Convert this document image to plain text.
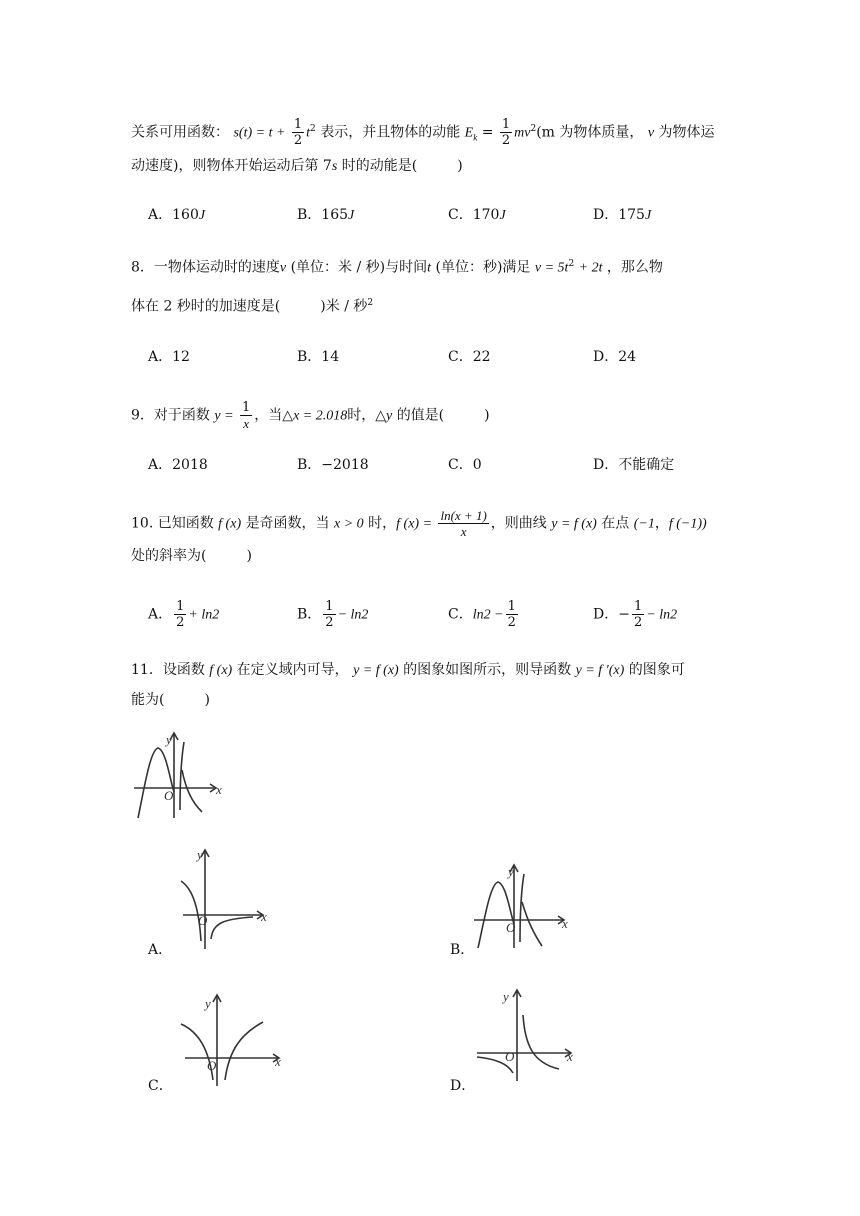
关系可用函数： $s(t) = t + \frac{1}{2} t^2$ 表示，并且物体的动能 $E_k = \frac{1}{2} mv^2(m$ 为物体质量， v 为物体运
动速度)，则物体开始运动后第 7s 时的动能是(	)
A．160J	B．165J	C．170J	D．175J
8．一物体运动时的速度v (单位：米 / 秒)与时间t (单位：秒)满足 $v = 5t^2 + 2t$ ，那么物
体在 2 秒时的加速度是(	)米 / 秒$^2$
A．12	B．14	C．22	D．24
9．对于函数 $y = \frac{1}{x}$ ，当△x = 2.018时，△y 的值是(	)
A．2018	B．−2018	C．0	D．不能确定
10. 已知函数 f (x) 是奇函数，当 x > 0 时，f $(x) = \frac{\ln(x + 1)}{x}$ ，则曲线 y = f (x) 在点 (−1，f (−1))
处的斜率为(	)
A． $\frac{1}{2} + \ln 2$	B． $\frac{1}{2} - \ln 2$	C．$\ln 2 - \frac{1}{2}$	D．− $\frac{1}{2} - \ln 2$
11．设函数 f (x) 在定义域内可导， y = f (x) 的图象如图所示，则导函数 y = f ′(x) 的图象可
能为(	)
y
x
O
y
x
O
A．
y
x
O
B．
y
x
O
C．
y
x
O
D．
